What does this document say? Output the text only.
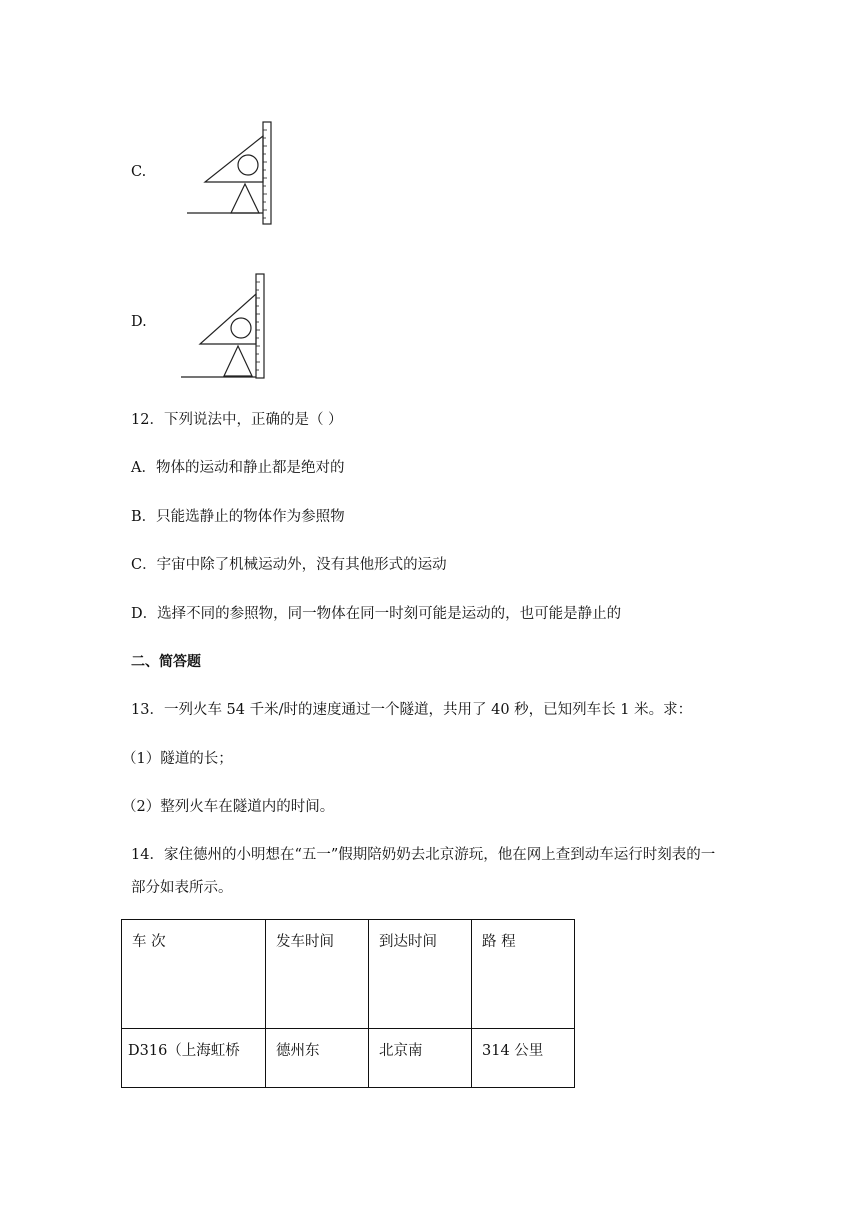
C.
D.
12．下列说法中，正确的是（ ）
A．物体的运动和静止都是绝对的
B．只能选静止的物体作为参照物
C．宇宙中除了机械运动外，没有其他形式的运动
D．选择不同的参照物，同一物体在同一时刻可能是运动的，也可能是静止的
二、简答题
13．一列火车 54 千米/时的速度通过一个隧道，共用了 40 秒，已知列车长 1 米。求：
（1）隧道的长；
（2）整列火车在隧道内的时间。
14．家住德州的小明想在“五一”假期陪奶奶去北京游玩，他在网上查到动车运行时刻表的一
部分如表所示。
车 次	发车时间	到达时间	路 程
D316（上海虹桥	德州东	北京南	314 公里
